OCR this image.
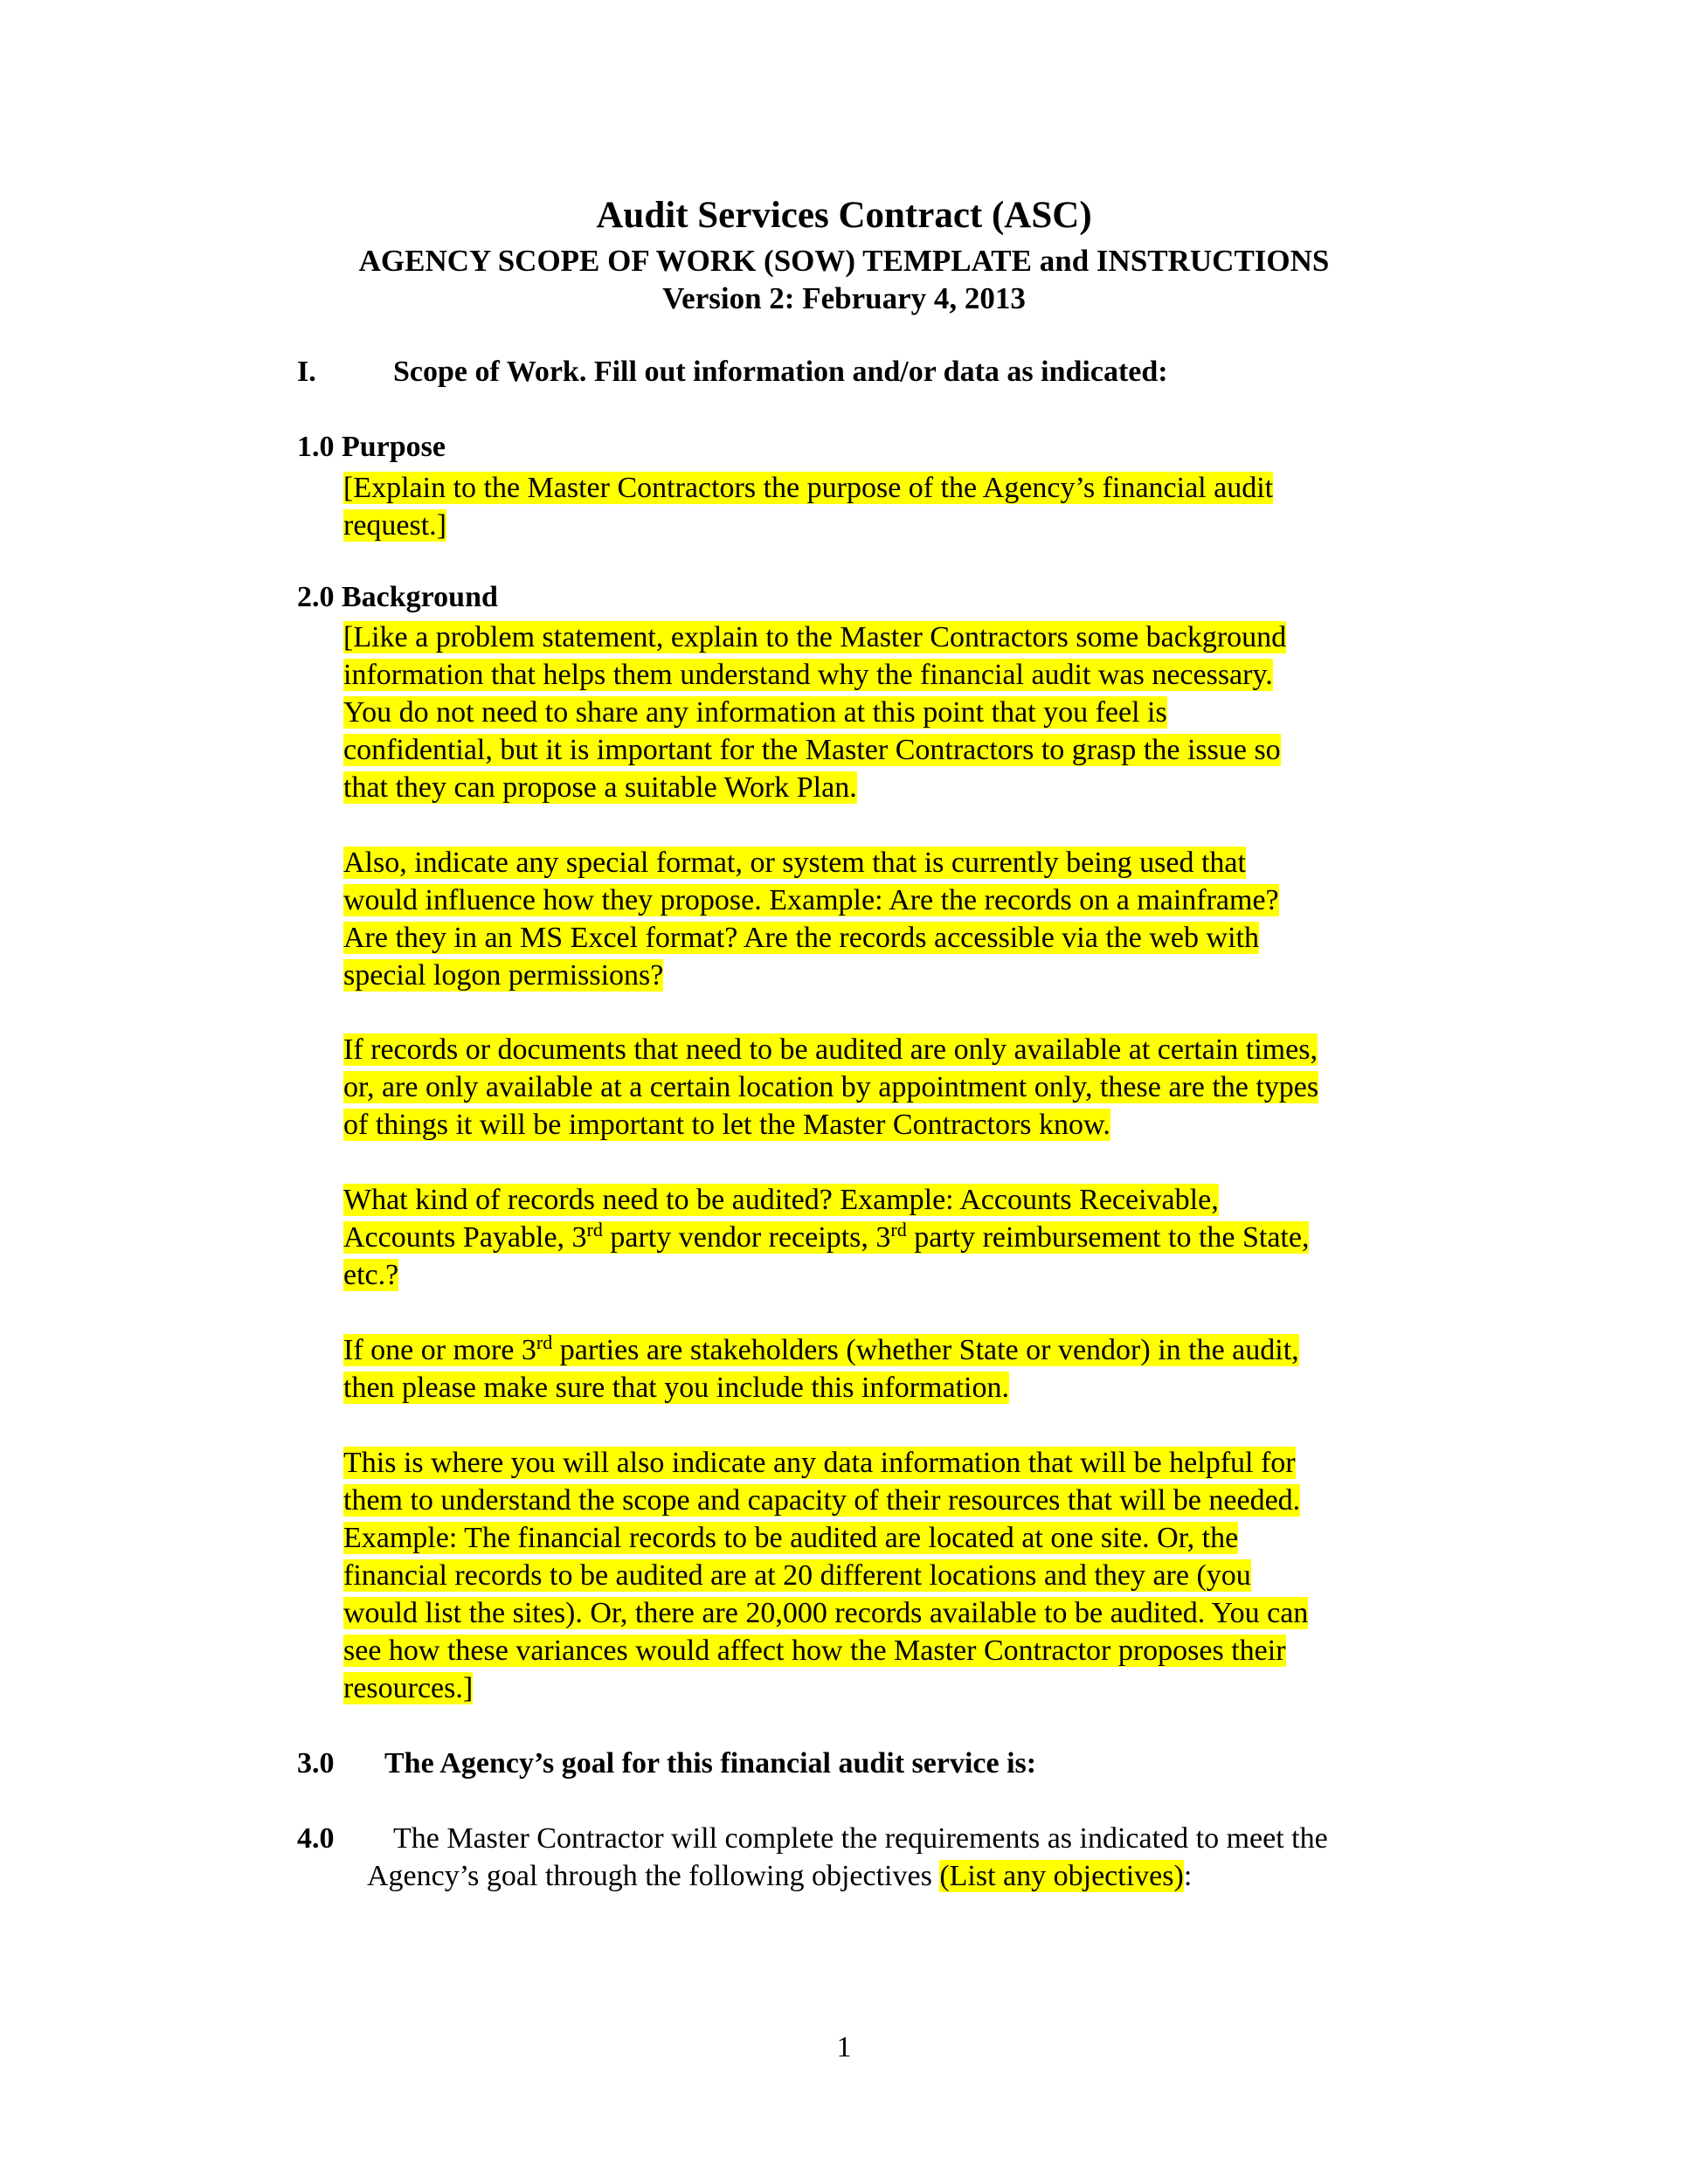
Audit Services Contract (ASC)
AGENCY SCOPE OF WORK (SOW) TEMPLATE and INSTRUCTIONS
Version 2: February 4, 2013
I.	Scope of Work. Fill out information and/or data as indicated:
1.0 Purpose
[Explain to the Master Contractors the purpose of the Agency’s financial audit
request.]
2.0 Background
[Like a problem statement, explain to the Master Contractors some background
information that helps them understand why the financial audit was necessary.
You do not need to share any information at this point that you feel is
confidential, but it is important for the Master Contractors to grasp the issue so
that they can propose a suitable Work Plan.
Also, indicate any special format, or system that is currently being used that
would influence how they propose. Example: Are the records on a mainframe?
Are they in an MS Excel format? Are the records accessible via the web with
special logon permissions?
If records or documents that need to be audited are only available at certain times,
or, are only available at a certain location by appointment only, these are the types
of things it will be important to let the Master Contractors know.
What kind of records need to be audited? Example: Accounts Receivable,
Accounts Payable, 3rd party vendor receipts, 3rd party reimbursement to the State,
etc.?
If one or more 3rd parties are stakeholders (whether State or vendor) in the audit,
then please make sure that you include this information.
This is where you will also indicate any data information that will be helpful for
them to understand the scope and capacity of their resources that will be needed.
Example: The financial records to be audited are located at one site. Or, the
financial records to be audited are at 20 different locations and they are (you
would list the sites). Or, there are 20,000 records available to be audited. You can
see how these variances would affect how the Master Contractor proposes their
resources.]
3.0 The Agency’s goal for this financial audit service is:
4.0 The Master Contractor will complete the requirements as indicated to meet the
Agency’s goal through the following objectives (List any objectives):
1
